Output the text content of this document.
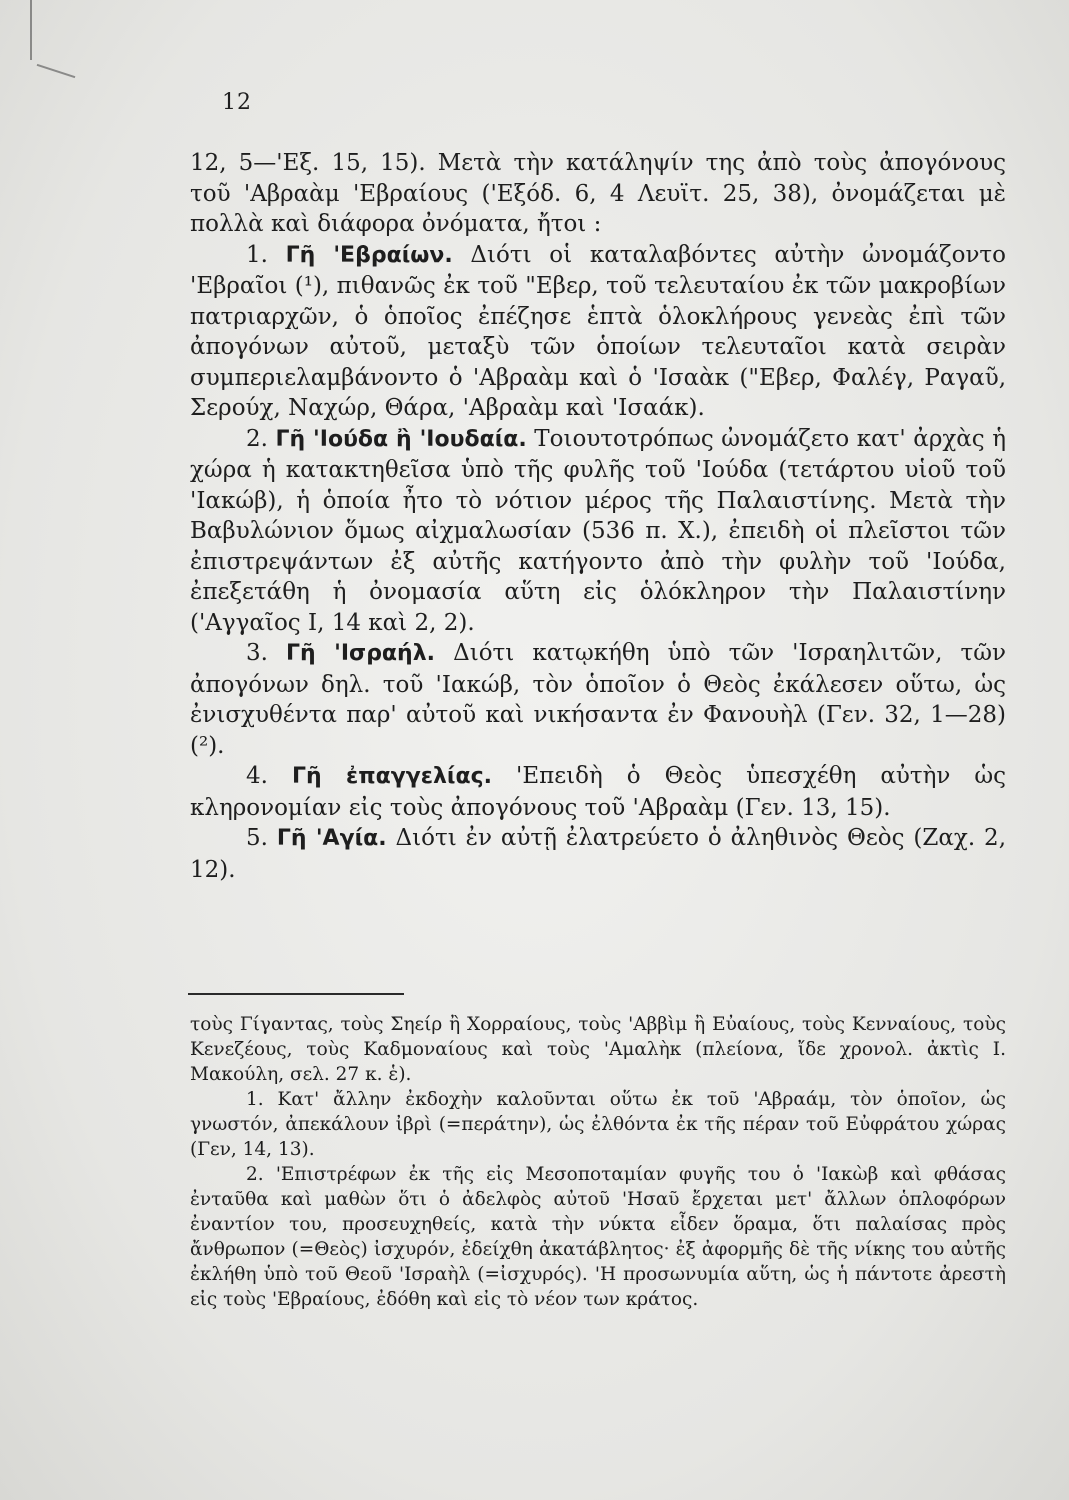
12

12, 5—'Εξ. 15, 15). Μετὰ τὴν κατάληψίν της ἀπὸ τοὺς ἀπογόνους τοῦ 'Αβραὰμ 'Εβραίους ('Εξόδ. 6, 4 Λευϊτ. 25, 38), ὀνομάζεται μὲ πολλὰ καὶ διάφορα ὀνόματα, ἤτοι :

1. Γῆ 'Εβραίων. Διότι οἱ καταλαβόντες αὐτὴν ὠνομάζοντο 'Εβραῖοι (¹), πιθανῶς ἐκ τοῦ "Εβερ, τοῦ τελευταίου ἐκ τῶν μακροβίων πατριαρχῶν, ὁ ὁποῖος ἐπέζησε ἑπτὰ ὁλοκλήρους γενεὰς ἐπὶ τῶν ἀπογόνων αὐτοῦ, μεταξὺ τῶν ὁποίων τελευταῖοι κατὰ σειρὰν συμπεριελαμβάνοντο ὁ 'Αβραὰμ καὶ ὁ 'Ισαὰκ ("Εβερ, Φαλέγ, Ραγαῦ, Σερούχ, Ναχώρ, Θάρα, 'Αβραὰμ καὶ 'Ισαάκ).

2. Γῆ 'Ιούδα ἢ 'Ιουδαία. Τοιουτοτρόπως ὠνομάζετο κατ' ἀρχὰς ἡ χώρα ἡ κατακτηθεῖσα ὑπὸ τῆς φυλῆς τοῦ 'Ιούδα (τετάρτου υἱοῦ τοῦ 'Ιακώβ), ἡ ὁποία ἦτο τὸ νότιον μέρος τῆς Παλαιστίνης. Μετὰ τὴν Βαβυλώνιον ὅμως αἰχμαλωσίαν (536 π. Χ.), ἐπειδὴ οἱ πλεῖστοι τῶν ἐπιστρεψάντων ἐξ αὐτῆς κατήγοντο ἀπὸ τὴν φυλὴν τοῦ 'Ιούδα, ἐπεξετάθη ἡ ὀνομασία αὕτη εἰς ὁλόκληρον τὴν Παλαιστίνην ('Αγγαῖος Ι, 14 καὶ 2, 2).

3. Γῆ 'Ισραήλ. Διότι κατῳκήθη ὑπὸ τῶν 'Ισραηλιτῶν, τῶν ἀπογόνων δηλ. τοῦ 'Ιακώβ, τὸν ὁποῖον ὁ Θεὸς ἐκάλεσεν οὕτω, ὡς ἐνισχυθέντα παρ' αὐτοῦ καὶ νικήσαντα ἐν Φανουὴλ (Γεν. 32, 1—28) (²).

4. Γῆ ἐπαγγελίας. 'Επειδὴ ὁ Θεὸς ὑπεσχέθη αὐτὴν ὡς κληρονομίαν εἰς τοὺς ἀπογόνους τοῦ 'Αβραὰμ (Γεν. 13, 15).

5. Γῆ 'Αγία. Διότι ἐν αὐτῇ ἐλατρεύετο ὁ ἀληθινὸς Θεὸς (Ζαχ. 2, 12).

τοὺς Γίγαντας, τοὺς Σηείρ ἢ Χορραίους, τοὺς 'Αββὶμ ἢ Εὐαίους, τοὺς Κενναίους, τοὺς Κενεζέους, τοὺς Καδμοναίους καὶ τοὺς 'Αμαλὴκ (πλείονα, ἴδε χρονολ. ἀκτὶς Ι. Μακούλη, σελ. 27 κ. ἑ).

1. Κατ' ἄλλην ἐκδοχὴν καλοῦνται οὕτω ἐκ τοῦ 'Αβραάμ, τὸν ὁποῖον, ὡς γνωστόν, ἀπεκάλουν ἰβρὶ (=περάτην), ὡς ἐλθόντα ἐκ τῆς πέραν τοῦ Εὐφράτου χώρας (Γεν, 14, 13).

2. 'Επιστρέφων ἐκ τῆς εἰς Μεσοποταμίαν φυγῆς του ὁ 'Ιακὼβ καὶ φθάσας ἐνταῦθα καὶ μαθὼν ὅτι ὁ ἀδελφὸς αὐτοῦ 'Ησαῦ ἔρχεται μετ' ἄλλων ὁπλοφόρων ἐναντίον του, προσευχηθείς, κατὰ τὴν νύκτα εἶδεν ὅραμα, ὅτι παλαίσας πρὸς ἄνθρωπον (=Θεὸς) ἰσχυρόν, ἐδείχθη ἀκατάβλητος· ἐξ ἀφορμῆς δὲ τῆς νίκης του αὐτῆς ἐκλήθη ὑπὸ τοῦ Θεοῦ 'Ισραὴλ (=ἰσχυρός). 'Η προσωνυμία αὕτη, ὡς ἡ πάντοτε ἀρεστὴ εἰς τοὺς 'Εβραίους, ἐδόθη καὶ εἰς τὸ νέον των κράτος.
